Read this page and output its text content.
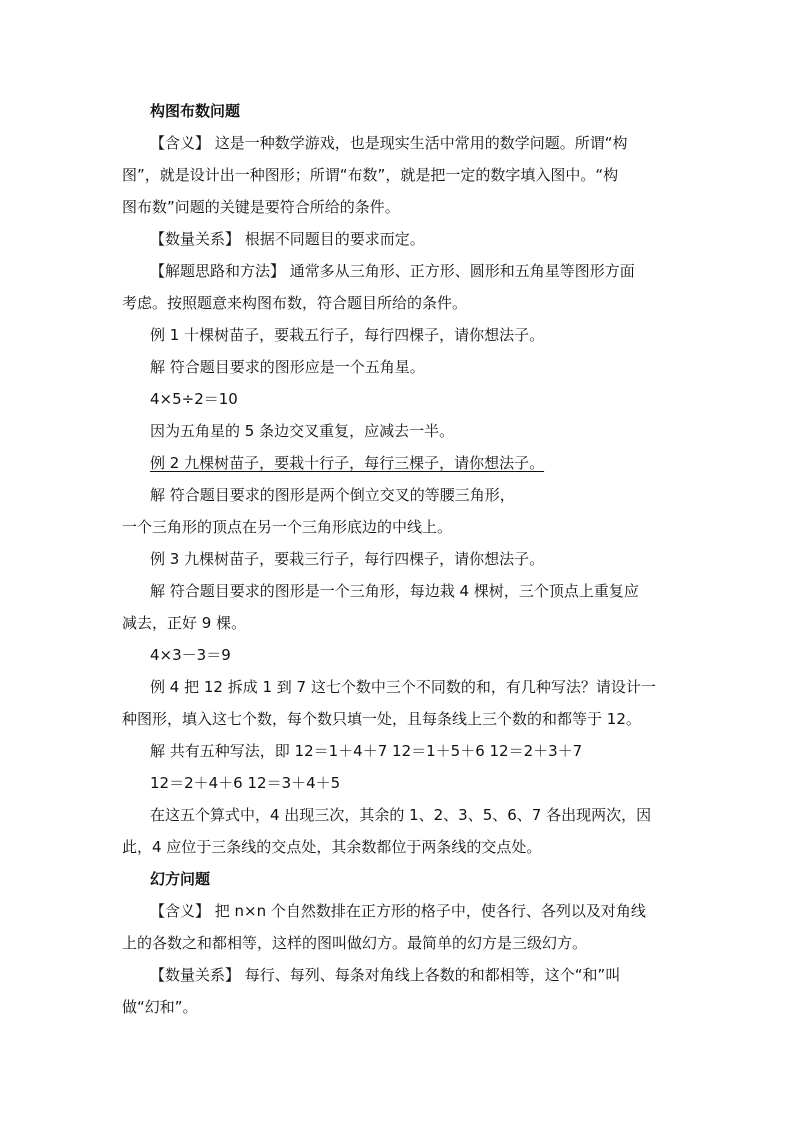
构图布数问题
【含义】 这是一种数学游戏，也是现实生活中常用的数学问题。所谓“构
图”，就是设计出一种图形；所谓“布数”，就是把一定的数字填入图中。“构
图布数”问题的关键是要符合所给的条件。
【数量关系】 根据不同题目的要求而定。
【解题思路和方法】 通常多从三角形、正方形、圆形和五角星等图形方面
考虑。按照题意来构图布数，符合题目所给的条件。
例 1 十棵树苗子，要栽五行子，每行四棵子，请你想法子。
解 符合题目要求的图形应是一个五角星。
4×5÷2＝10
因为五角星的 5 条边交叉重复，应减去一半。
例 2 九棵树苗子，要栽十行子，每行三棵子，请你想法子。
解 符合题目要求的图形是两个倒立交叉的等腰三角形，
一个三角形的顶点在另一个三角形底边的中线上。
例 3 九棵树苗子，要栽三行子，每行四棵子，请你想法子。
解 符合题目要求的图形是一个三角形，每边栽 4 棵树，三个顶点上重复应
减去，正好 9 棵。
4×3－3＝9
例 4 把 12 拆成 1 到 7 这七个数中三个不同数的和，有几种写法？请设计一
种图形，填入这七个数，每个数只填一处，且每条线上三个数的和都等于 12。
解 共有五种写法，即 12＝1＋4＋7 12＝1＋5＋6 12＝2＋3＋7
12＝2＋4＋6 12＝3＋4＋5
在这五个算式中，4 出现三次，其余的 1、2、3、5、6、7 各出现两次，因
此，4 应位于三条线的交点处，其余数都位于两条线的交点处。
幻方问题
【含义】 把 n×n 个自然数排在正方形的格子中，使各行、各列以及对角线
上的各数之和都相等，这样的图叫做幻方。最简单的幻方是三级幻方。
【数量关系】 每行、每列、每条对角线上各数的和都相等，这个“和”叫
做“幻和”。
